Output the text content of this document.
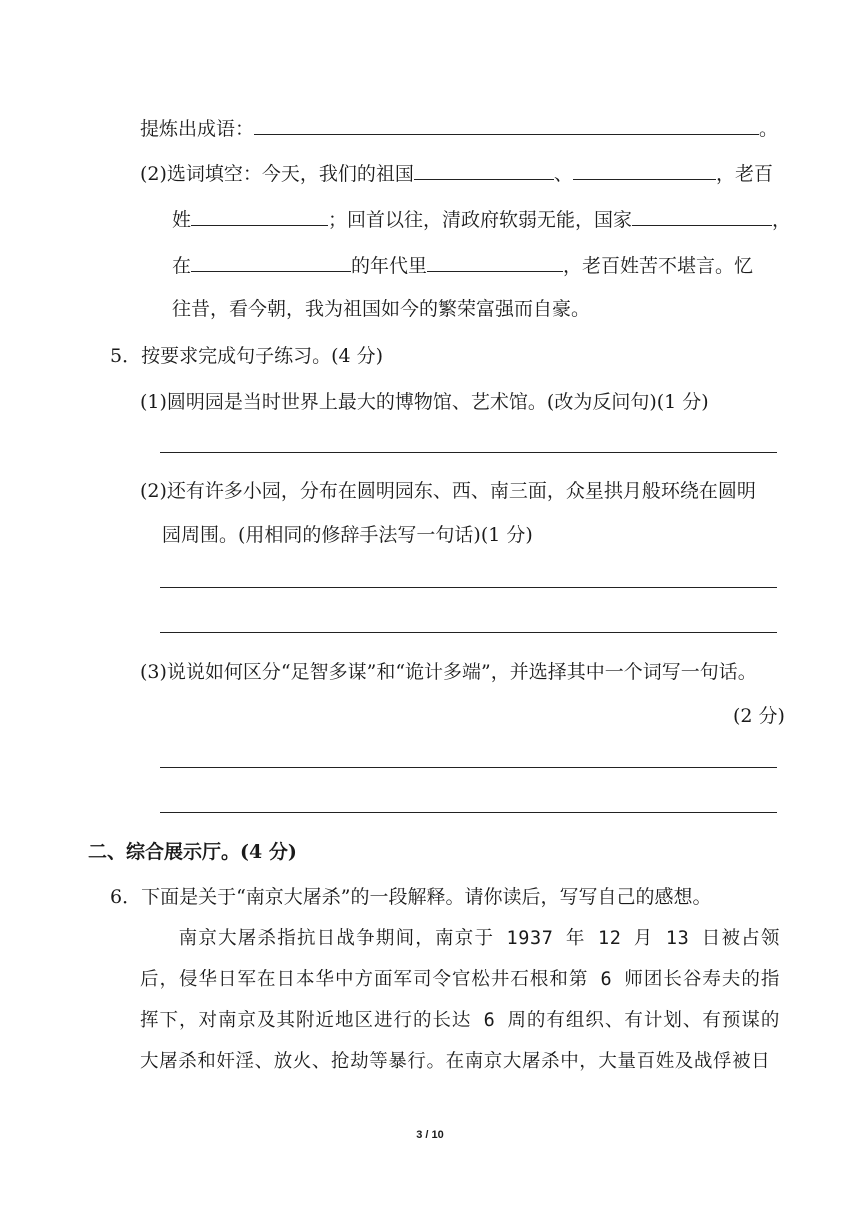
提炼出成语：	。
(2)选词填空：今天，我们的祖国	、	，老百
姓	；回首以往，清政府软弱无能，国家	，
在	的年代里	，老百姓苦不堪言。忆
往昔，看今朝，我为祖国如今的繁荣富强而自豪。
5．按要求完成句子练习。(4 分)
(1)圆明园是当时世界上最大的博物馆、艺术馆。(改为反问句)(1 分)
(2)还有许多小园，分布在圆明园东、西、南三面，众星拱月般环绕在圆明
园周围。(用相同的修辞手法写一句话)(1 分)
(3)说说如何区分“足智多谋”和“诡计多端”，并选择其中一个词写一句话。
(2 分)
二、综合展示厅。(4 分)
6．下面是关于“南京大屠杀”的一段解释。请你读后，写写自己的感想。
南京大屠杀指抗日战争期间，南京于 1937 年 12 月 13 日被占领后，侵华日军在日本华中方面军司令官松井石根和第 6 师团长谷寿夫的指挥下，对南京及其附近地区进行的长达 6 周的有组织、有计划、有预谋的大屠杀和奸淫、放火、抢劫等暴行。在南京大屠杀中，大量百姓及战俘被日
3 / 10
